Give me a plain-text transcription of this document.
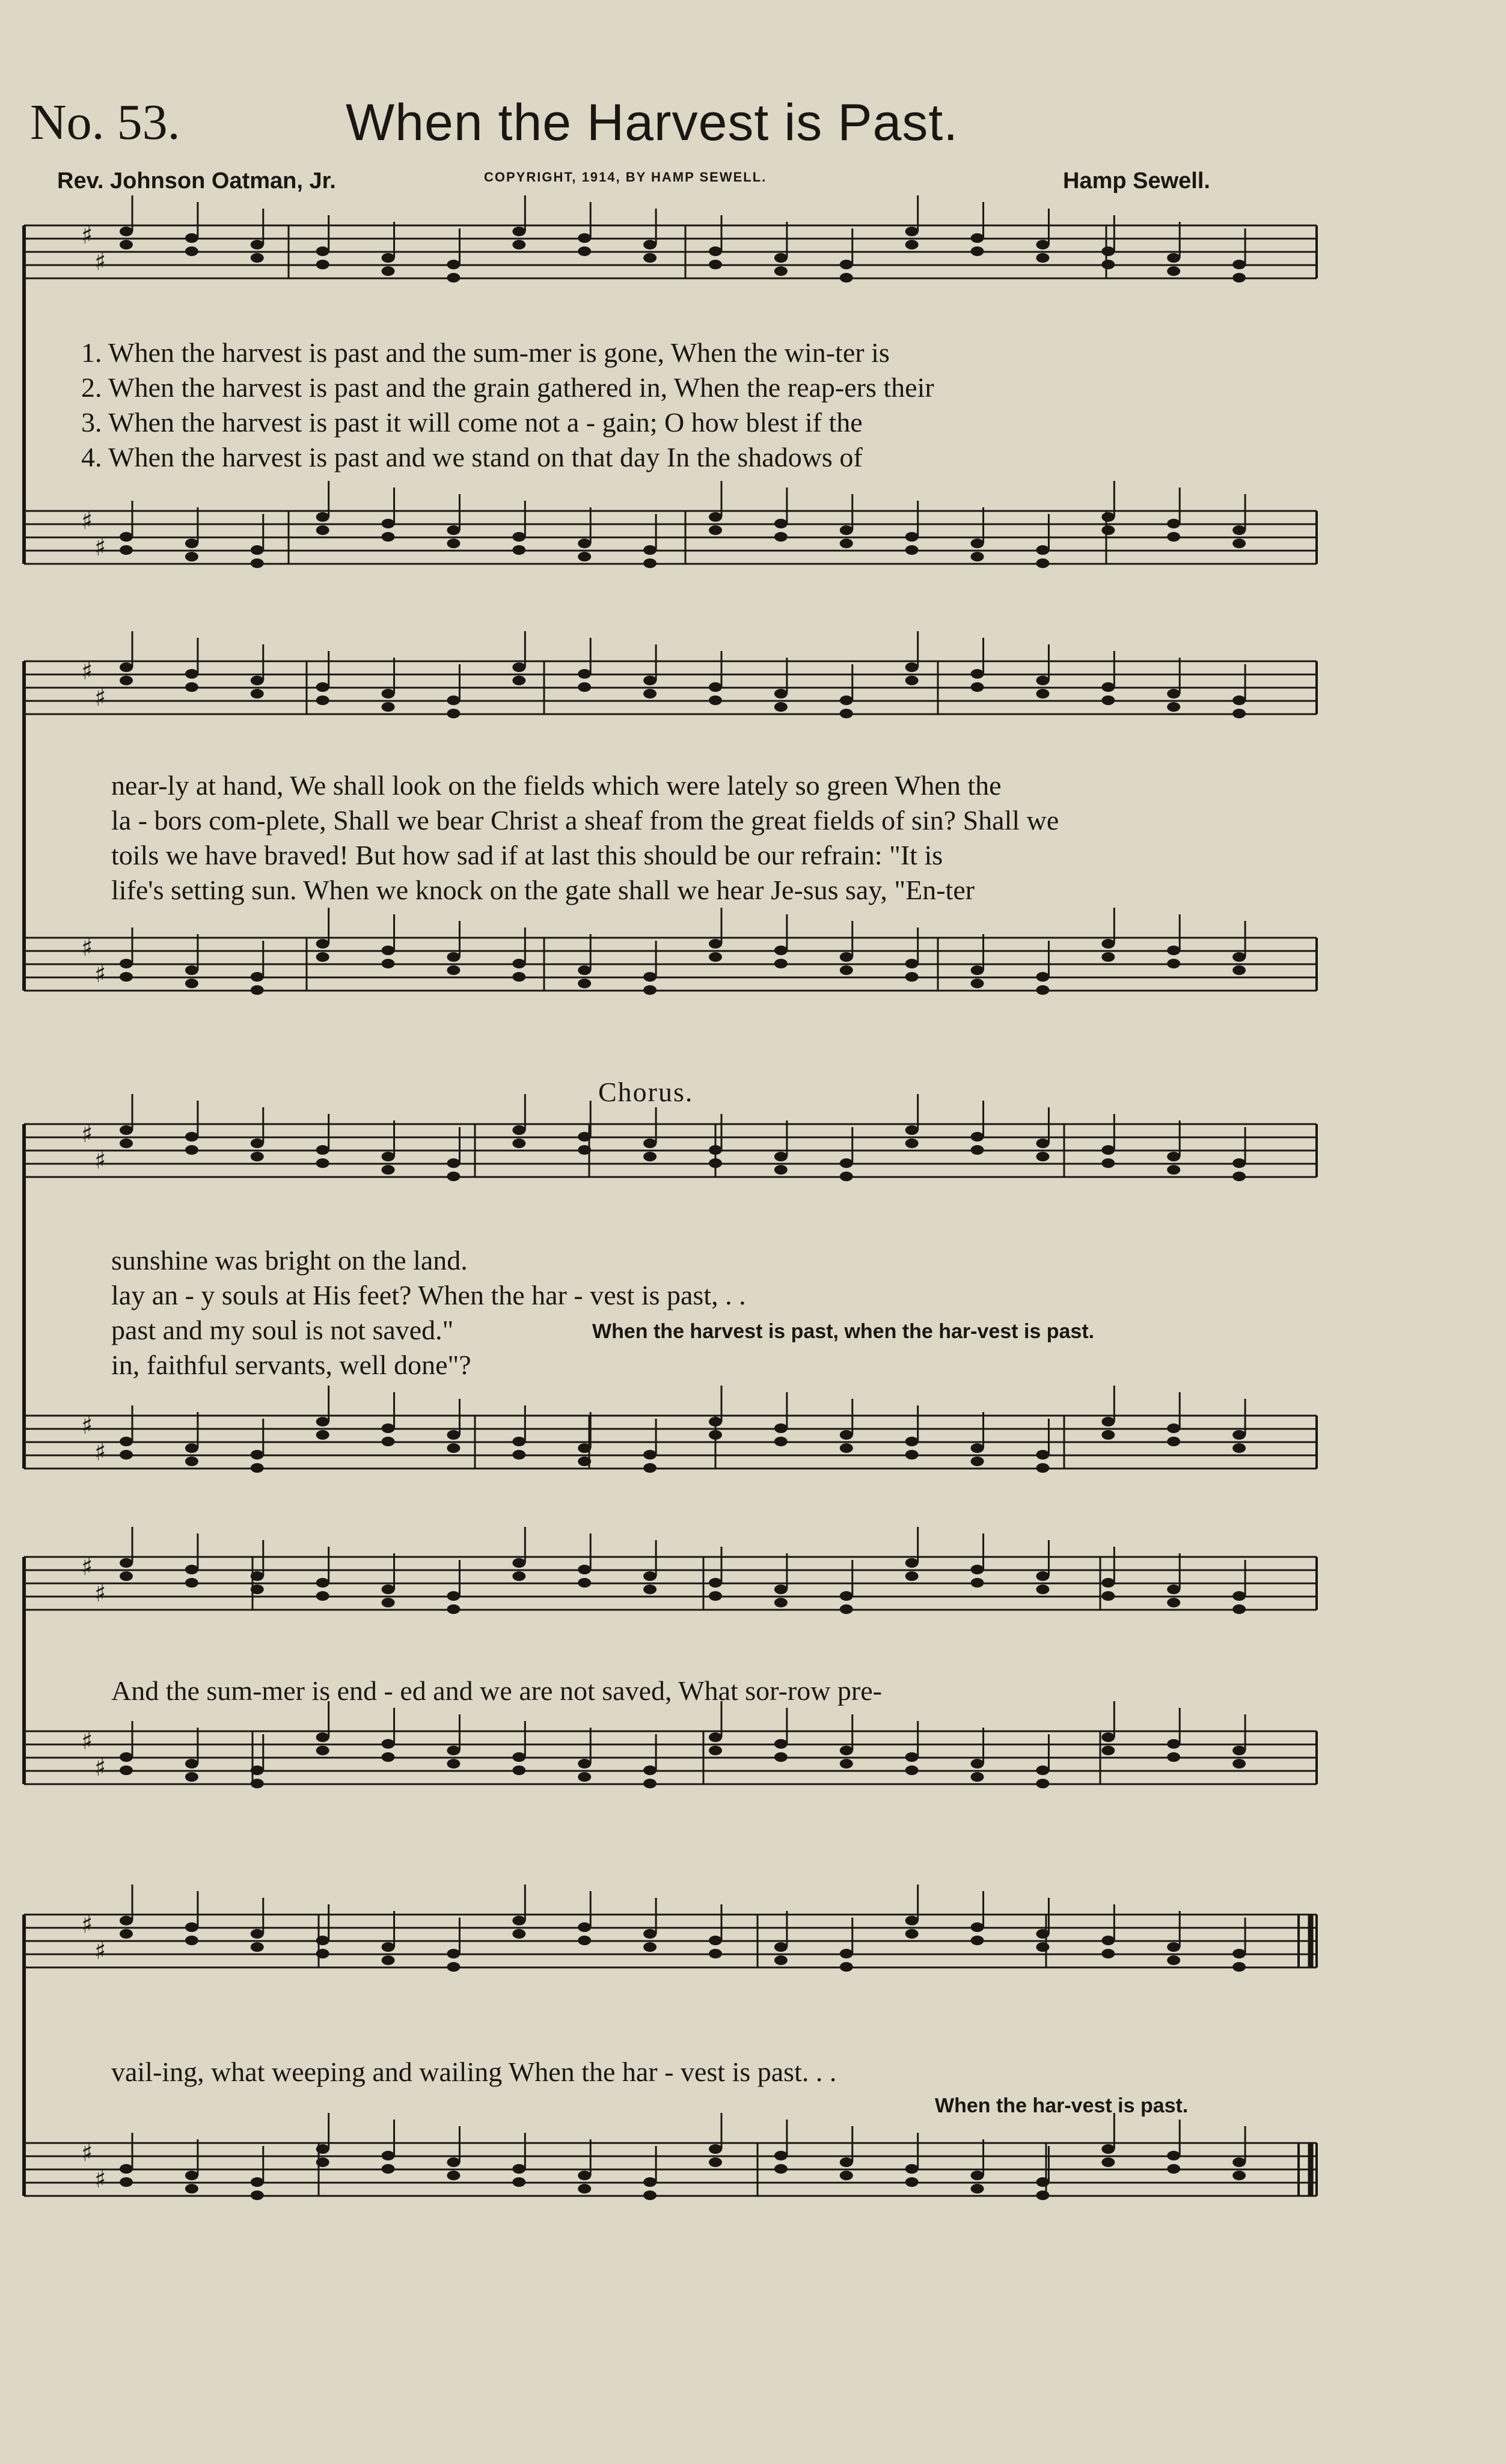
No. 53.	When the Harvest is Past.
Rev. Johnson Oatman, Jr.	COPYRIGHT, 1914, BY HAMP SEWELL.	Hamp Sewell.
♯
♯
♯
♯
♯
♯
♯
♯
♯
♯
♯
♯
♯
♯
♯
♯
♯
♯
♯
♯
1. When the harvest is past and the sum-mer is gone, When the win-ter is
2. When the harvest is past and the grain gathered in, When the reap-ers their
3. When the harvest is past it will come not a - gain; O how blest if the
4. When the harvest is past and we stand on that day In the shadows of
near-ly at hand, We shall look on the fields which were lately so green When the
la - bors com-plete, Shall we bear Christ a sheaf from the great fields of sin? Shall we
toils we have braved! But how sad if at last this should be our refrain: "It is
life's setting sun. When we knock on the gate shall we hear Je-sus say, "En-ter
Chorus.
sunshine was bright on the land.
lay an - y souls at His feet? When the har - vest is past, . .
past and my soul is not saved."	When the harvest is past, when the har-vest is past.
in, faithful servants, well done"?
And the sum-mer is end - ed and we are not saved, What sor-row pre-
vail-ing, what weeping and wailing When the har - vest is past. . .
When the har-vest is past.
